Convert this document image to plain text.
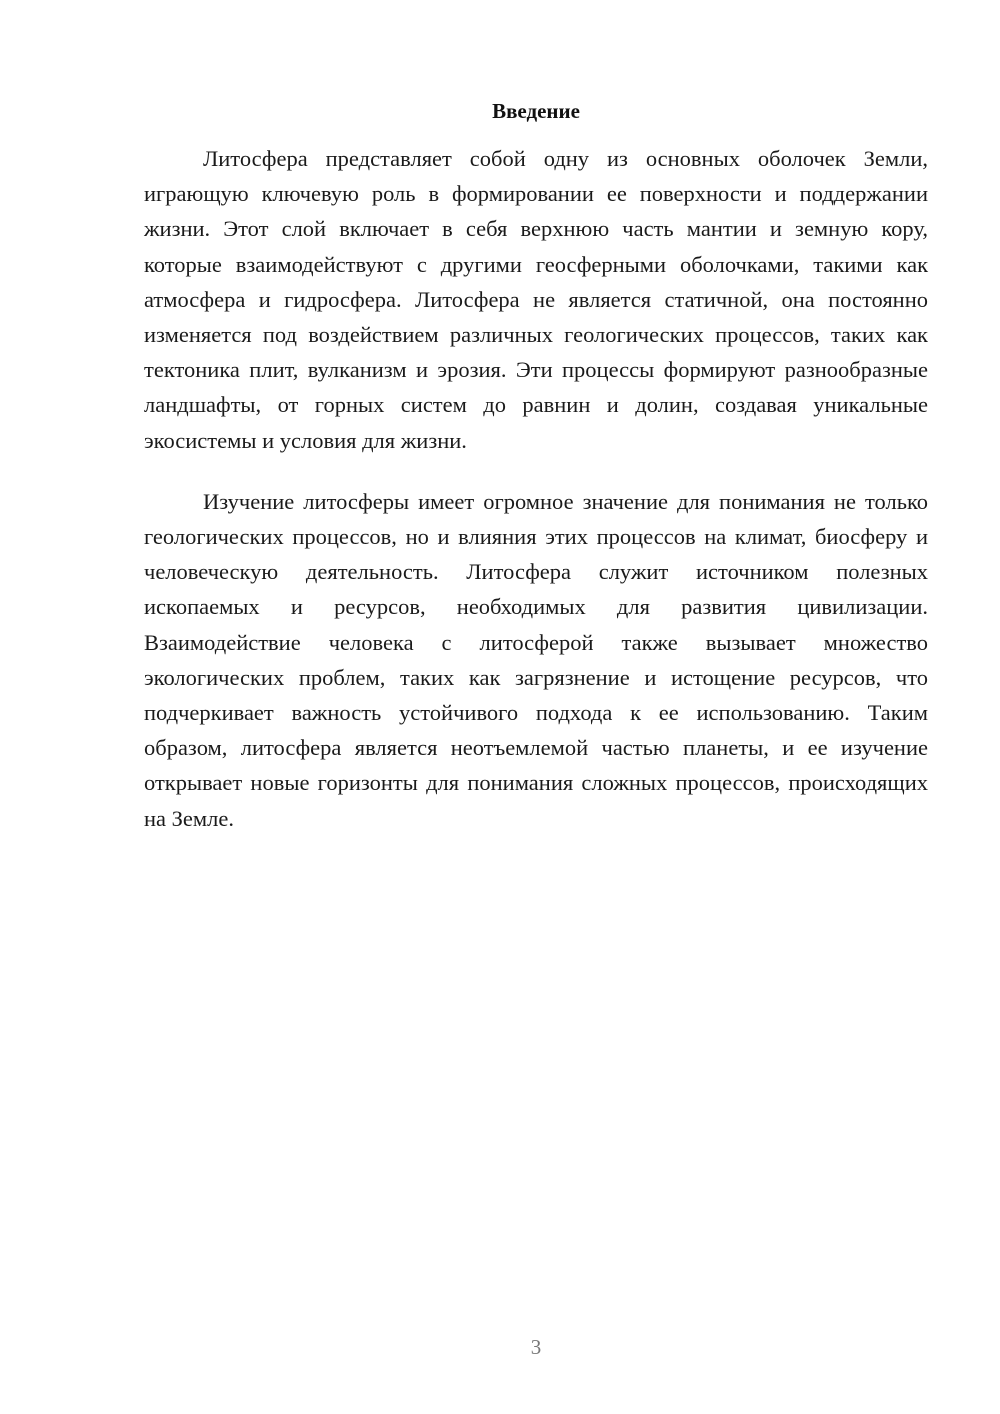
Введение

Литосфера представляет собой одну из основных оболочек Земли, играющую ключевую роль в формировании ее поверхности и поддержании жизни. Этот слой включает в себя верхнюю часть мантии и земную кору, которые взаимодействуют с другими геосферными оболочками, такими как атмосфера и гидросфера. Литосфера не является статичной, она постоянно изменяется под воздействием различных геологических процессов, таких как тектоника плит, вулканизм и эрозия. Эти процессы формируют разнообразные ландшафты, от горных систем до равнин и долин, создавая уникальные экосистемы и условия для жизни.

Изучение литосферы имеет огромное значение для понимания не только геологических процессов, но и влияния этих процессов на климат, биосферу и человеческую деятельность. Литосфера служит источником полезных ископаемых и ресурсов, необходимых для развития цивилизации. Взаимодействие человека с литосферой также вызывает множество экологических проблем, таких как загрязнение и истощение ресурсов, что подчеркивает важность устойчивого подхода к ее использованию. Таким образом, литосфера является неотъемлемой частью планеты, и ее изучение открывает новые горизонты для понимания сложных процессов, происходящих на Земле.

3
